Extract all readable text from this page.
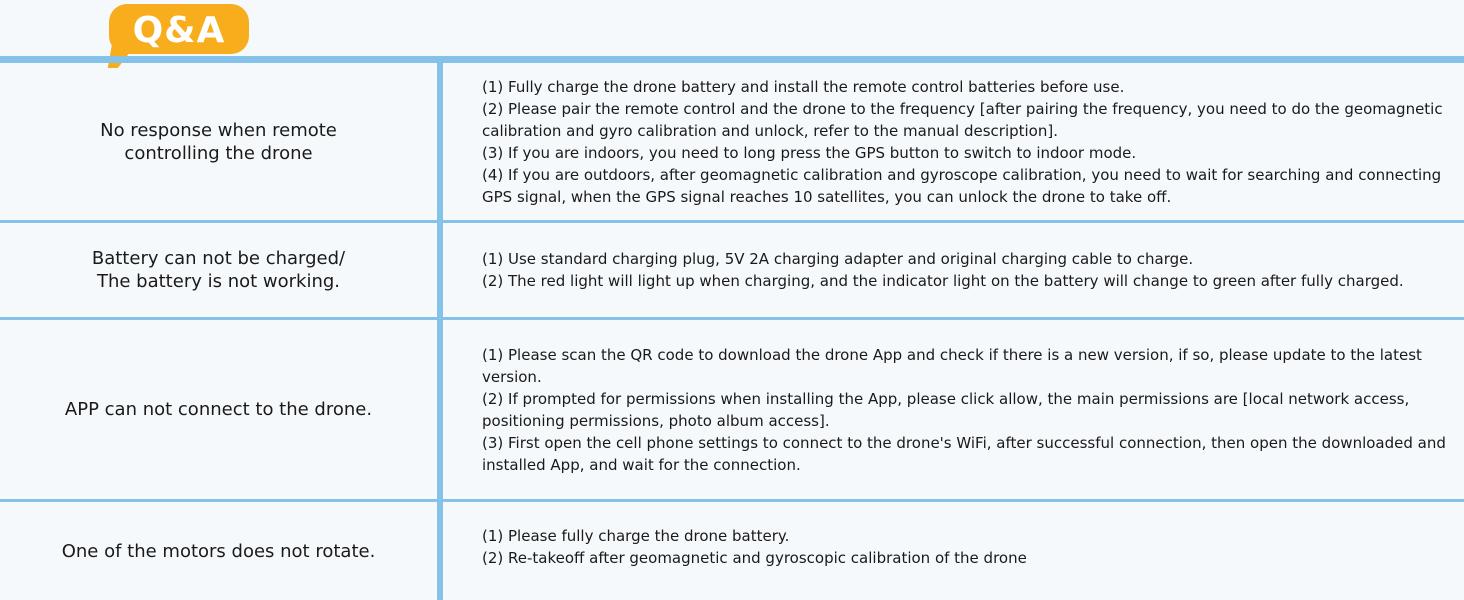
Q&A
No response when remote
controlling the drone

(1) Fully charge the drone battery and install the remote control batteries before use.

(2) Please pair the remote control and the drone to the frequency [after pairing the frequency, you need to do the geomagnetic calibration and gyro calibration and unlock, refer to the manual description].

(3) If you are indoors, you need to long press the GPS button to switch to indoor mode.

(4) If you are outdoors, after geomagnetic calibration and gyroscope calibration, you need to wait for searching and connecting GPS signal, when the GPS signal reaches 10 satellites, you can unlock the drone to take off.

Battery can not be charged/
The battery is not working.

(1) Use standard charging plug, 5V 2A charging adapter and original charging cable to charge.

(2) The red light will light up when charging, and the indicator light on the battery will change to green after fully charged.

APP can not connect to the drone.

(1) Please scan the QR code to download the drone App and check if there is a new version, if so, please update to the latest version.

(2) If prompted for permissions when installing the App, please click allow, the main permissions are [local network access, positioning permissions, photo album access].

(3) First open the cell phone settings to connect to the drone's WiFi, after successful connection, then open the downloaded and installed App, and wait for the connection.

One of the motors does not rotate.

(1) Please fully charge the drone battery.

(2) Re-takeoff after geomagnetic and gyroscopic calibration of the drone
